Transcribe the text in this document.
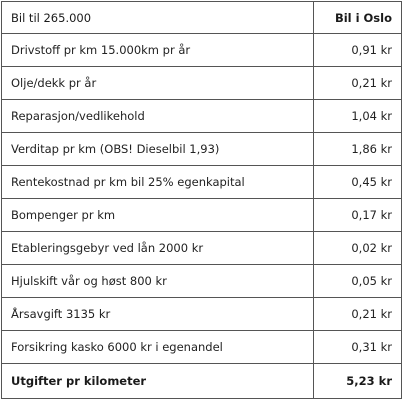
Bil til 265.000	Bil i Oslo
Drivstoff pr km 15.000km pr år	0,91 kr
Olje/dekk pr år	0,21 kr
Reparasjon/vedlikehold	1,04 kr
Verditap pr km (OBS! Dieselbil 1,93)	1,86 kr
Rentekostnad pr km bil 25% egenkapital	0,45 kr
Bompenger pr km	0,17 kr
Etableringsgebyr ved lån 2000 kr	0,02 kr
Hjulskift vår og høst 800 kr	0,05 kr
Årsavgift 3135 kr	0,21 kr
Forsikring kasko 6000 kr i egenandel	0,31 kr
Utgifter pr kilometer	5,23 kr
